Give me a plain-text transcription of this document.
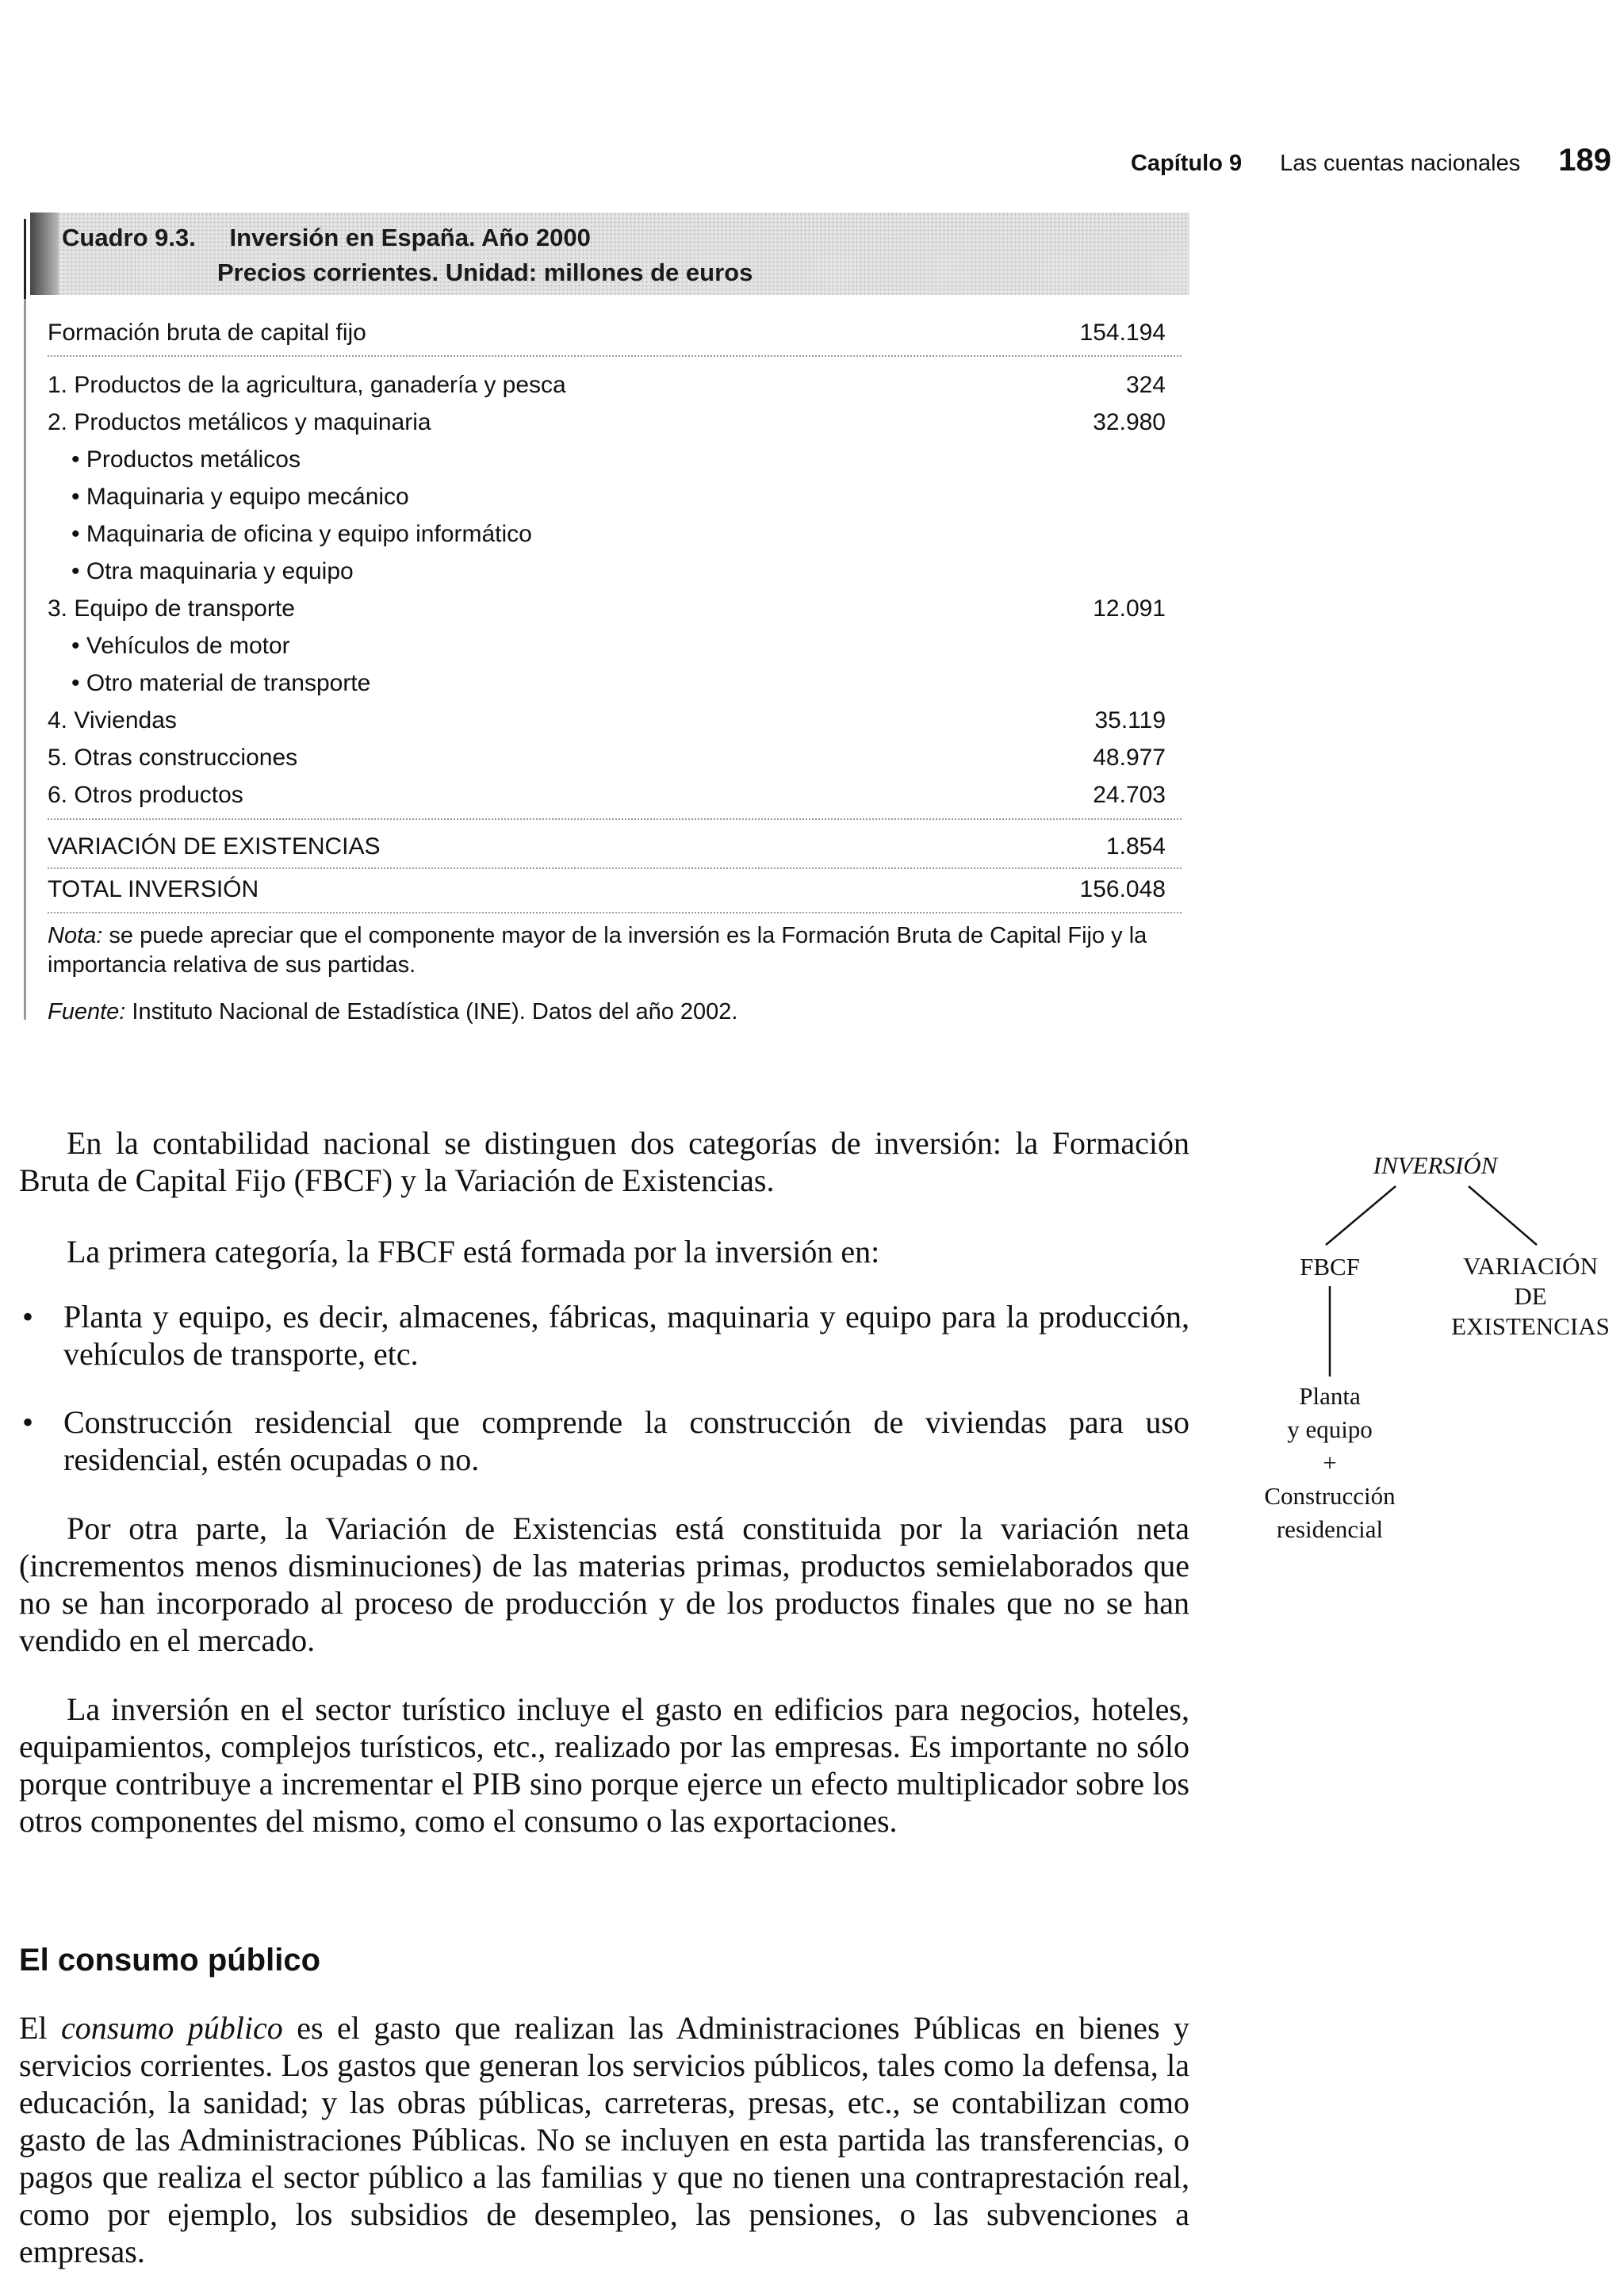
Capítulo 9 Las cuentas nacionales 189
Cuadro 9.3. Inversión en España. Año 2000
Precios corrientes. Unidad: millones de euros
Formación bruta de capital fijo	154.194
1. Productos de la agricultura, ganadería y pesca	324
2. Productos metálicos y maquinaria	32.980
• Productos metálicos
• Maquinaria y equipo mecánico
• Maquinaria de oficina y equipo informático
• Otra maquinaria y equipo
3. Equipo de transporte	12.091
• Vehículos de motor
• Otro material de transporte
4. Viviendas	35.119
5. Otras construcciones	48.977
6. Otros productos	24.703
VARIACIÓN DE EXISTENCIAS	1.854
TOTAL INVERSIÓN	156.048
Nota: se puede apreciar que el componente mayor de la inversión es la Formación Bruta de Capital Fijo y la importancia relativa de sus partidas.
Fuente: Instituto Nacional de Estadística (INE). Datos del año 2002.

En la contabilidad nacional se distinguen dos categorías de inversión: la Formación Bruta de Capital Fijo (FBCF) y la Variación de Existencias.

La primera categoría, la FBCF está formada por la inversión en:

• Planta y equipo, es decir, almacenes, fábricas, maquinaria y equipo para la producción, vehículos de transporte, etc.
• Construcción residencial que comprende la construcción de viviendas para uso residencial, estén ocupadas o no.

Por otra parte, la Variación de Existencias está constituida por la variación neta (incrementos menos disminuciones) de las materias primas, productos semielaborados que no se han incorporado al proceso de producción y de los productos finales que no se han vendido en el mercado.

La inversión en el sector turístico incluye el gasto en edificios para negocios, hoteles, equipamientos, complejos turísticos, etc., realizado por las empresas. Es importante no sólo porque contribuye a incrementar el PIB sino porque ejerce un efecto multiplicador sobre los otros componentes del mismo, como el consumo o las exportaciones.

El consumo público

El consumo público es el gasto que realizan las Administraciones Públicas en bienes y servicios corrientes. Los gastos que generan los servicios públicos, tales como la defensa, la educación, la sanidad; y las obras públicas, carreteras, presas, etc., se contabilizan como gasto de las Administraciones Públicas. No se incluyen en esta partida las transferencias, o pagos que realiza el sector público a las familias y que no tienen una contraprestación real, como por ejemplo, los subsidios de desempleo, las pensiones, o las subvenciones a empresas.

INVERSIÓN
FBCF	VARIACIÓN
DE
EXISTENCIAS
Planta
y equipo
+
Construcción
residencial
